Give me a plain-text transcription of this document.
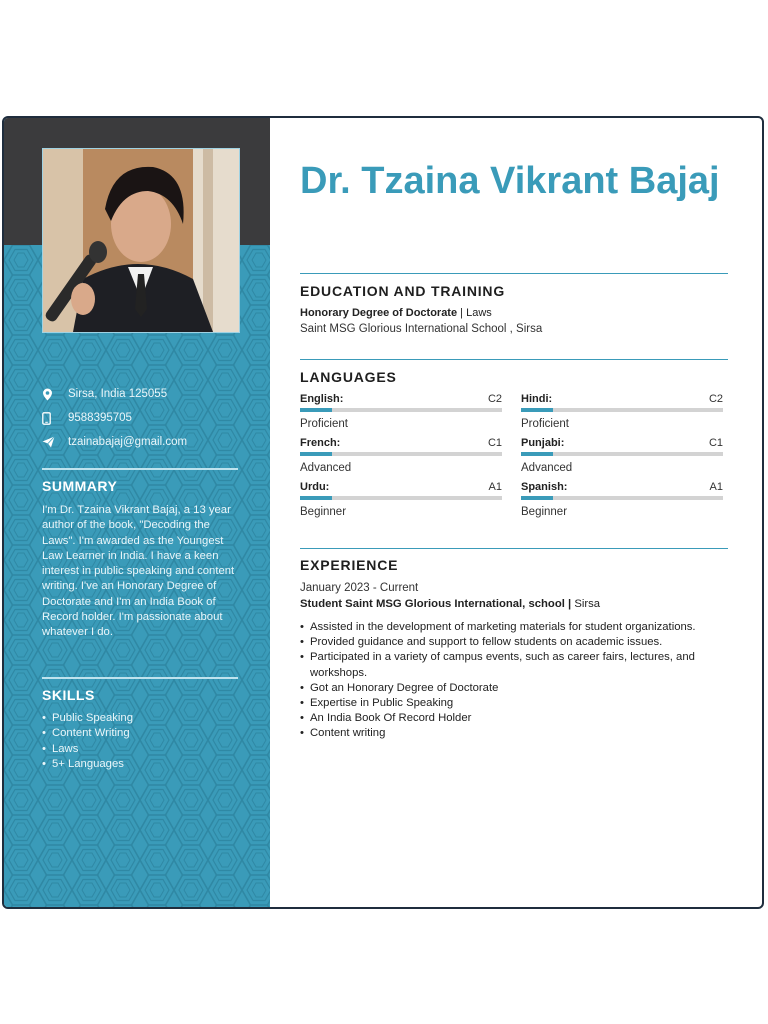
Sirsa, India 125055
9588395705
tzainabajaj@gmail.com
SUMMARY
I'm Dr. Tzaina Vikrant Bajaj, a 13 year author of the book, "Decoding the Laws". I'm awarded as the Youngest Law Learner in India. I have a keen interest in public speaking and content writing. I've an Honorary Degree of Doctorate and I'm an India Book of Record holder. I'm passionate about whatever I do.
SKILLS
• Public Speaking
• Content Writing
• Laws
• 5+ Languages
Dr. Tzaina Vikrant Bajaj
EDUCATION AND TRAINING
Honorary Degree of Doctorate | Laws
Saint MSG Glorious International School , Sirsa
LANGUAGES
English:	C2
Proficient
Hindi:	C2
Proficient
French:	C1
Advanced
Punjabi:	C1
Advanced
Urdu:	A1
Beginner
Spanish:	A1
Beginner
EXPERIENCE
January 2023 - Current
Student Saint MSG Glorious International, school | Sirsa
• Assisted in the development of marketing materials for student organizations.
• Provided guidance and support to fellow students on academic issues.
• Participated in a variety of campus events, such as career fairs, lectures, and workshops.
• Got an Honorary Degree of Doctorate
• Expertise in Public Speaking
• An India Book Of Record Holder
• Content writing
